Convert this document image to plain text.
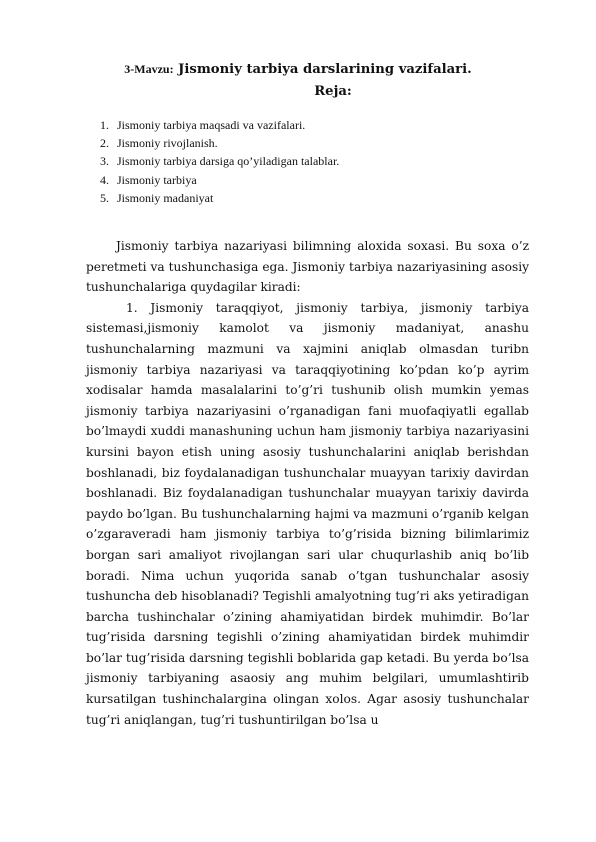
3-Mavzu: Jismoniy tarbiya darslarining vazifalari.
Reja:
1. Jismoniy tarbiya maqsadi va vazifalari.
2. Jismoniy rivojlanish.
3. Jismoniy tarbiya darsiga qo’yiladigan talablar.
4. Jismoniy tarbiya
5. Jismoniy madaniyat

Jismoniy tarbiya nazariyasi bilimning aloxida soxasi. Bu soxa o’z peretmeti va tushunchasiga ega. Jismoniy tarbiya nazariyasining asosiy tushunchalariga quydagilar kiradi:

1. Jismoniy taraqqiyot, jismoniy tarbiya, jismoniy tarbiya sistemasi,jismoniy kamolot va jismoniy madaniyat, anashu tushunchalarning mazmuni va xajmini aniqlab olmasdan turibn jismoniy tarbiya nazariyasi va taraqqiyotining ko’pdan ko’p ayrim xodisalar hamda masalalarini to’g’ri tushunib olish mumkin yemas jismoniy tarbiya nazariyasini o’rganadigan fani muofaqiyatli egallab bo’lmaydi xuddi manashuning uchun ham jismoniy tarbiya nazariyasini kursini bayon etish uning asosiy tushunchalarini aniqlab berishdan boshlanadi, biz foydalanadigan tushunchalar muayyan tarixiy davirdan boshlanadi. Biz foydalanadigan tushunchalar muayyan tarixiy davirda paydo bo’lgan. Bu tushunchalarning hajmi va mazmuni o’rganib kelgan o’zgaraveradi ham jismoniy tarbiya to’g’risida bizning bilimlarimiz borgan sari amaliyot rivojlangan sari ular chuqurlashib aniq bo’lib boradi. Nima uchun yuqorida sanab o’tgan tushunchalar asosiy tushuncha deb hisoblanadi? Tegishli amalyotning tug’ri aks yetiradigan barcha tushinchalar o’zining ahamiyatidan birdek muhimdir. Bo’lar tug’risida darsning tegishli o’zining ahamiyatidan birdek muhimdir bo’lar tug’risida darsning tegishli boblarida gap ketadi. Bu yerda bo’lsa jismoniy tarbiyaning asaosiy ang muhim belgilari, umumlashtirib kursatilgan tushinchalargina olingan xolos. Agar asosiy tushunchalar tug’ri aniqlangan, tug’ri tushuntirilgan bo’lsa u
